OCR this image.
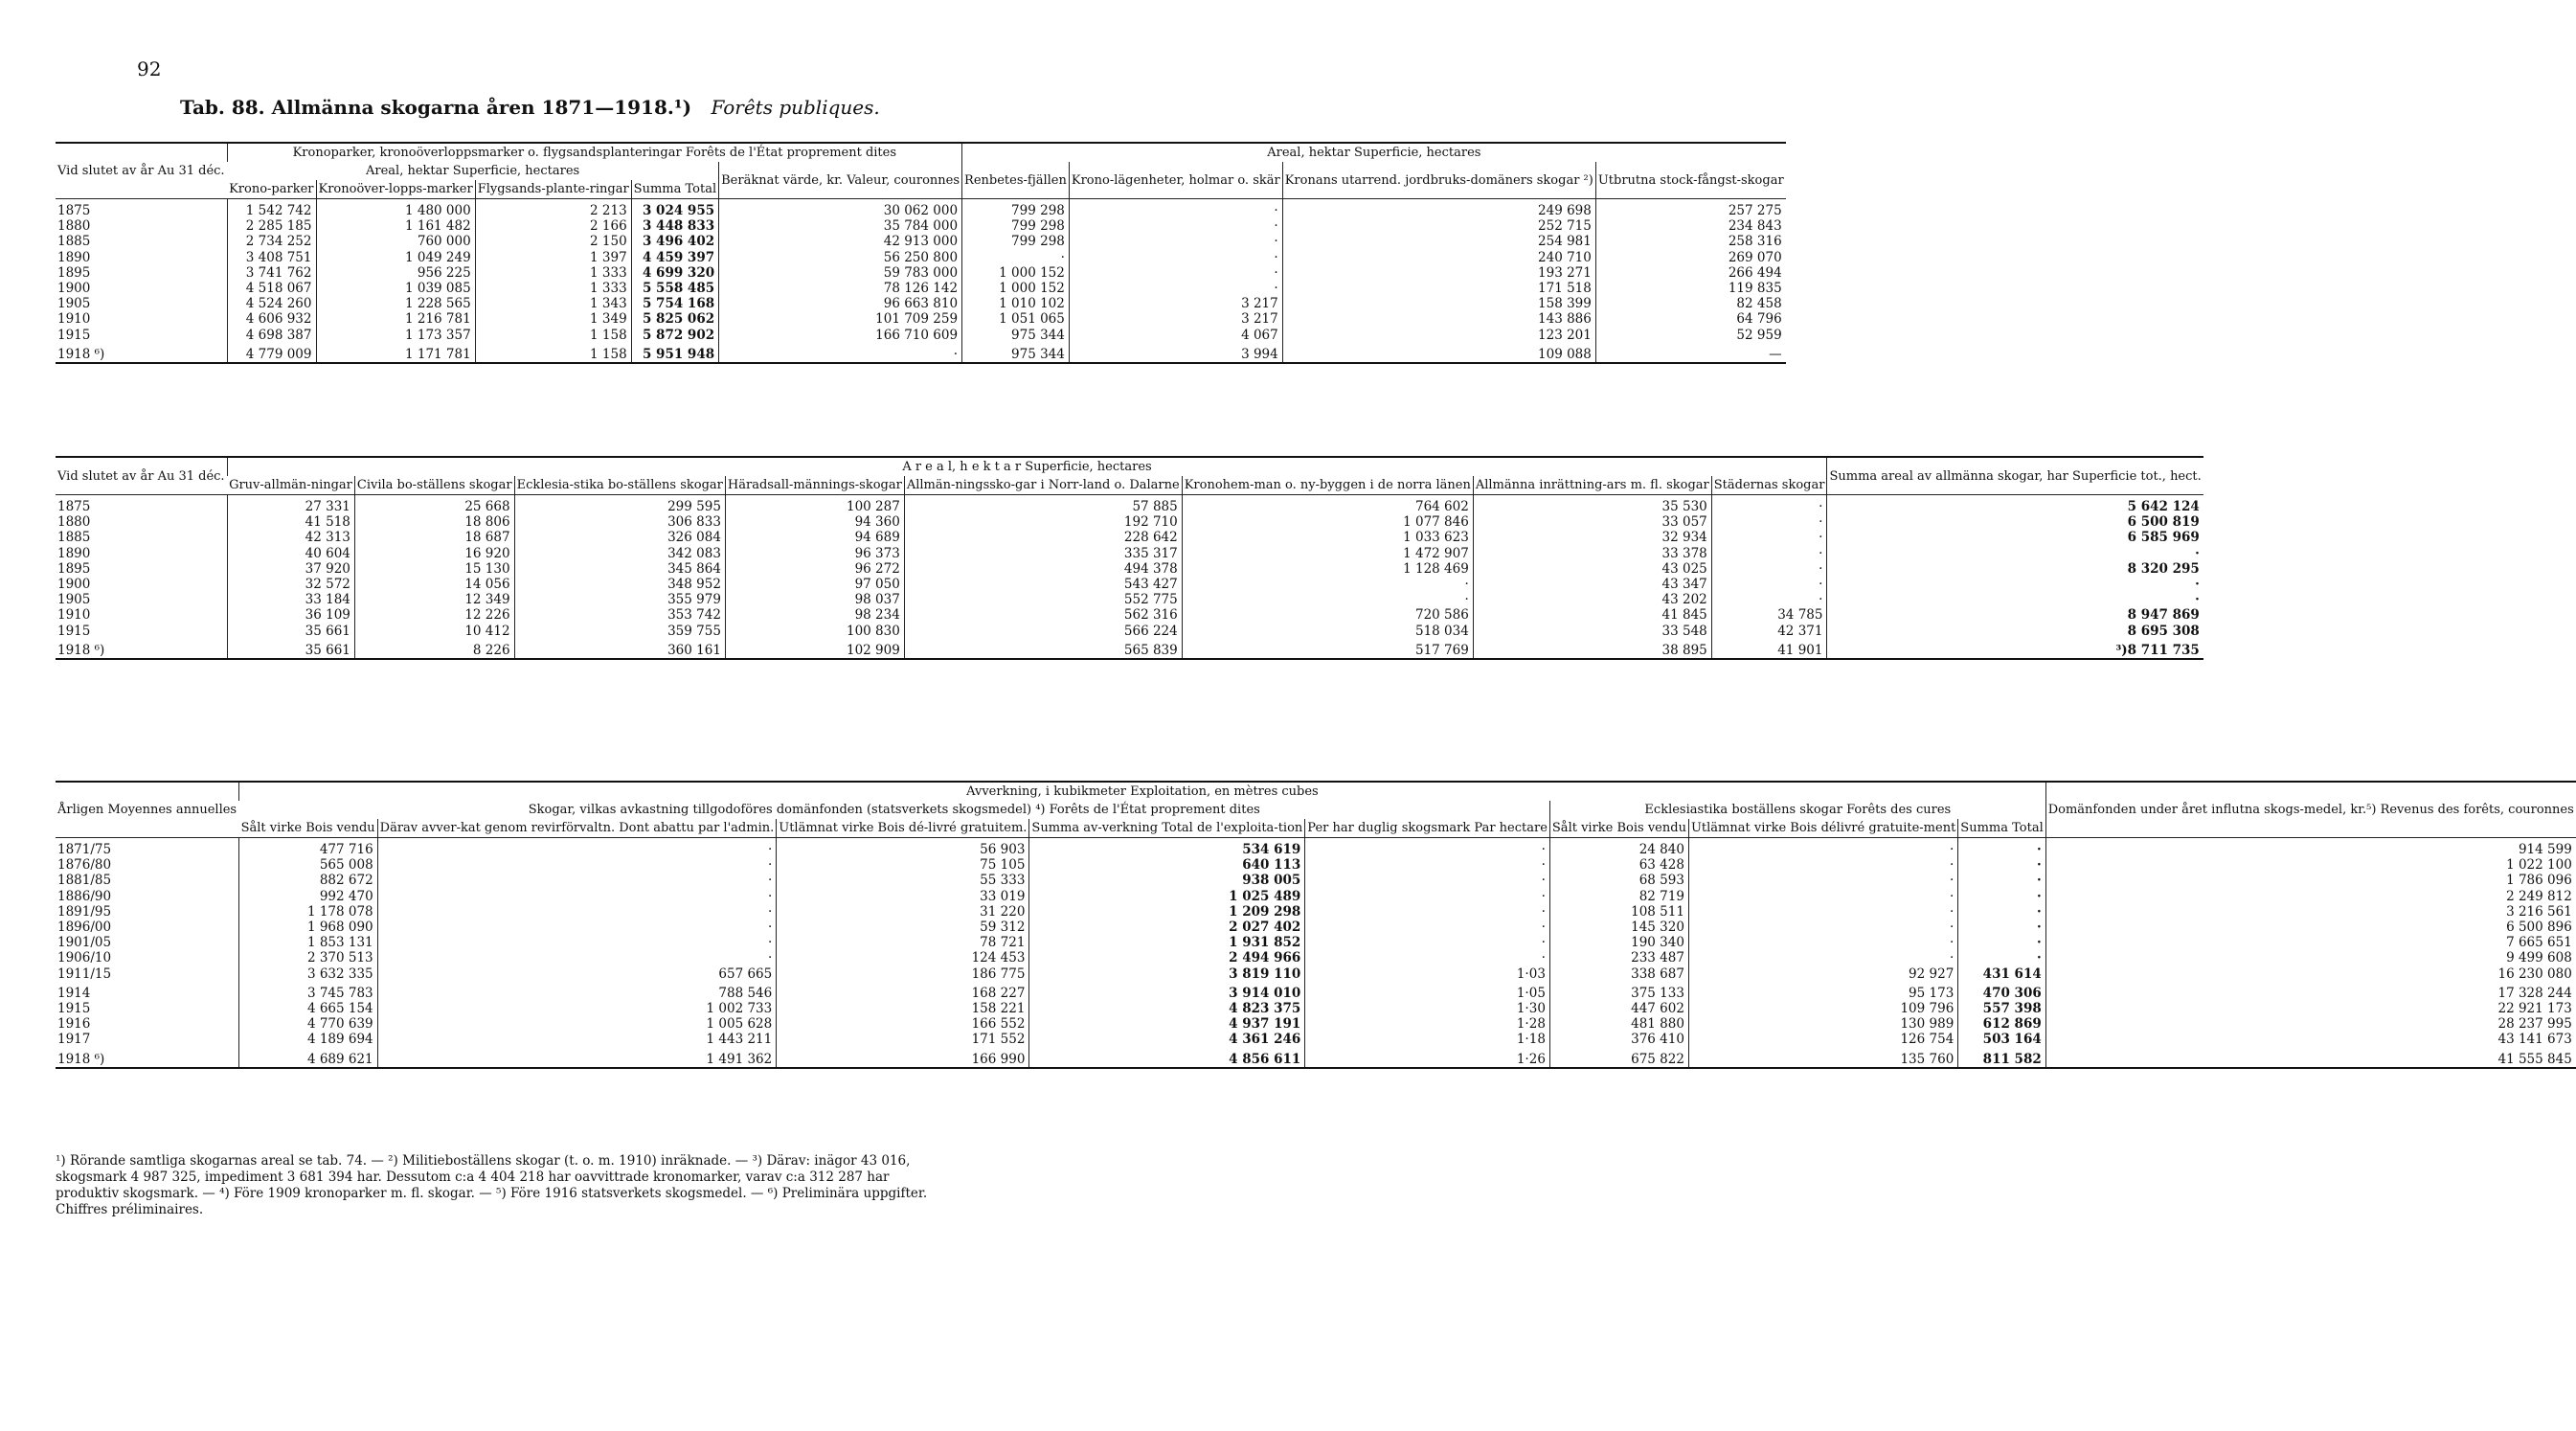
92
Tab. 88. Allmänna skogarna åren 1871—1918.¹) Forêts publiques.
Vid slutet av år Au 31 déc.	Kronoparker, kronoöverloppsmarker o. flygsandsplanteringar Forêts de l'État proprement dites					Areal, hektar Superficie, hectares			
	Areal, hektar Superficie, hectares				Beräknat värde, kr. Valeur, couronnes	Renbetes-fjällen	Krono-lägenheter, holmar o. skär	Kronans utarrend. jordbruks-domäners skogar ²)	Utbrutna stock-fångst-skogar
	Krono-parker	Kronoöver-lopps-marker	Flygsands-plante-ringar	Summa Total					
1875	1 542 742	1 480 000	2 213	3 024 955	30 062 000	799 298	·	249 698	257 275
1880	2 285 185	1 161 482	2 166	3 448 833	35 784 000	799 298	·	252 715	234 843
1885	2 734 252	760 000	2 150	3 496 402	42 913 000	799 298	·	254 981	258 316
1890	3 408 751	1 049 249	1 397	4 459 397	56 250 800	·	·	240 710	269 070
1895	3 741 762	956 225	1 333	4 699 320	59 783 000	1 000 152	·	193 271	266 494
1900	4 518 067	1 039 085	1 333	5 558 485	78 126 142	1 000 152	·	171 518	119 835
1905	4 524 260	1 228 565	1 343	5 754 168	96 663 810	1 010 102	3 217	158 399	82 458
1910	4 606 932	1 216 781	1 349	5 825 062	101 709 259	1 051 065	3 217	143 886	64 796
1915	4 698 387	1 173 357	1 158	5 872 902	166 710 609	975 344	4 067	123 201	52 959
1918 ⁶)	4 779 009	1 171 781	1 158	5 951 948	·	975 344	3 994	109 088	—
Vid slutet av år Au 31 déc.	A r e a l, h e k t a r Superficie, hectares								Summa areal av allmänna skogar, har Superficie tot., hect.
	Gruv-allmän-ningar	Civila bo-ställens skogar	Ecklesia-stika bo-ställens skogar	Häradsall-männings-skogar	Allmän-ningssko-gar i Norr-land o. Dalarne	Kronohem-man o. ny-byggen i de norra länen	Allmänna inrättning-ars m. fl. skogar	Städernas skogar	
1875	27 331	25 668	299 595	100 287	57 885	764 602	35 530	·	5 642 124
1880	41 518	18 806	306 833	94 360	192 710	1 077 846	33 057	·	6 500 819
1885	42 313	18 687	326 084	94 689	228 642	1 033 623	32 934	·	6 585 969
1890	40 604	16 920	342 083	96 373	335 317	1 472 907	33 378	·	·
1895	37 920	15 130	345 864	96 272	494 378	1 128 469	43 025	·	8 320 295
1900	32 572	14 056	348 952	97 050	543 427	·	43 347	·	·
1905	33 184	12 349	355 979	98 037	552 775	·	43 202	·	·
1910	36 109	12 226	353 742	98 234	562 316	720 586	41 845	34 785	8 947 869
1915	35 661	10 412	359 755	100 830	566 224	518 034	33 548	42 371	8 695 308
1918 ⁶)	35 661	8 226	360 161	102 909	565 839	517 769	38 895	41 901	³)8 711 735
Årligen Moyennes annuelles	Avverkning, i kubikmeter Exploitation, en mètres cubes								Domänfonden under året influtna skogs-medel, kr.⁵) Revenus des forêts, couronnes
	Skogar, vilkas avkastning tillgodoföres domänfonden (statsverkets skogsmedel) ⁴) Forêts de l'État proprement dites					Ecklesiastika boställens skogar Forêts des cures			
	Sålt virke Bois vendu	Därav avver-kat genom revirförvaltn. Dont abattu par l'admin.	Utlämnat virke Bois dé-livré gratuitem.	Summa av-verkning Total de l'exploita-tion	Per har duglig skogsmark Par hectare	Sålt virke Bois vendu	Utlämnat virke Bois délivré gratuite-ment	Summa Total	
1871/75	477 716	·	56 903	534 619	·	24 840	·	·	914 599
1876/80	565 008	·	75 105	640 113	·	63 428	·	·	1 022 100
1881/85	882 672	·	55 333	938 005	·	68 593	·	·	1 786 096
1886/90	992 470	·	33 019	1 025 489	·	82 719	·	·	2 249 812
1891/95	1 178 078	·	31 220	1 209 298	·	108 511	·	·	3 216 561
1896/00	1 968 090	·	59 312	2 027 402	·	145 320	·	·	6 500 896
1901/05	1 853 131	·	78 721	1 931 852	·	190 340	·	·	7 665 651
1906/10	2 370 513	·	124 453	2 494 966	·	233 487	·	·	9 499 608
1911/15	3 632 335	657 665	186 775	3 819 110	1·03	338 687	92 927	431 614	16 230 080
1914	3 745 783	788 546	168 227	3 914 010	1·05	375 133	95 173	470 306	17 328 244
1915	4 665 154	1 002 733	158 221	4 823 375	1·30	447 602	109 796	557 398	22 921 173
1916	4 770 639	1 005 628	166 552	4 937 191	1·28	481 880	130 989	612 869	28 237 995
1917	4 189 694	1 443 211	171 552	4 361 246	1·18	376 410	126 754	503 164	43 141 673
1918 ⁶)	4 689 621	1 491 362	166 990	4 856 611	1·26	675 822	135 760	811 582	41 555 845
¹) Rörande samtliga skogarnas areal se tab. 74. — ²) Militieboställens skogar (t. o. m. 1910) inräknade. — ³) Därav: inägor 43 016, skogsmark 4 987 325, impediment 3 681 394 har. Dessutom c:a 4 404 218 har oavvittrade kronomarker, varav c:a 312 287 har produktiv skogsmark. — ⁴) Före 1909 kronoparker m. fl. skogar. — ⁵) Före 1916 statsverkets skogsmedel. — ⁶) Preliminära uppgifter. Chiffres préliminaires.
